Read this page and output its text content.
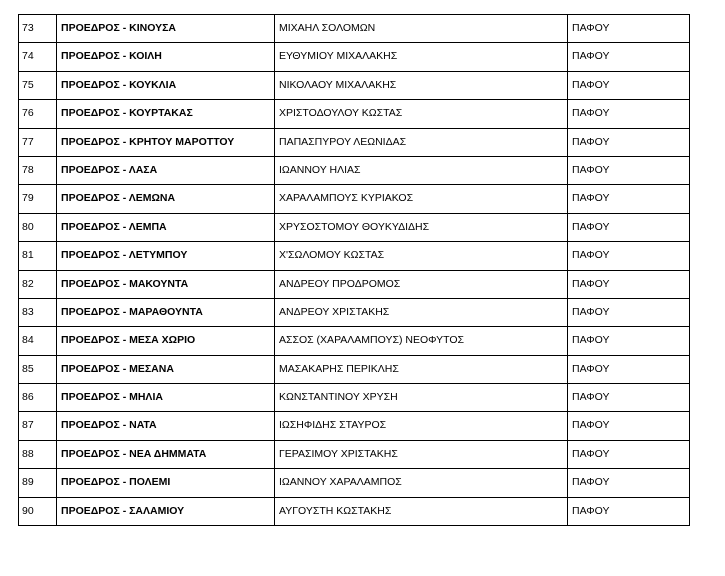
73	ΠΡΟΕΔΡΟΣ - ΚΙΝΟΥΣΑ	ΜΙΧΑΗΛ ΣΟΛΟΜΩΝ	ΠΑΦΟΥ
74	ΠΡΟΕΔΡΟΣ - ΚΟΙΛΗ	ΕΥΘΥΜΙΟΥ ΜΙΧΑΛΑΚΗΣ	ΠΑΦΟΥ
75	ΠΡΟΕΔΡΟΣ - ΚΟΥΚΛΙΑ	ΝΙΚΟΛΑΟΥ ΜΙΧΑΛΑΚΗΣ	ΠΑΦΟΥ
76	ΠΡΟΕΔΡΟΣ - ΚΟΥΡΤΑΚΑΣ	ΧΡΙΣΤΟΔΟΥΛΟΥ ΚΩΣΤΑΣ	ΠΑΦΟΥ
77	ΠΡΟΕΔΡΟΣ - ΚΡΗΤΟΥ ΜΑΡΟΤΤΟΥ	ΠΑΠΑΣΠΥΡΟΥ ΛΕΩΝΙΔΑΣ	ΠΑΦΟΥ
78	ΠΡΟΕΔΡΟΣ - ΛΑΣΑ	ΙΩΑΝΝΟΥ ΗΛΙΑΣ	ΠΑΦΟΥ
79	ΠΡΟΕΔΡΟΣ - ΛΕΜΩΝΑ	ΧΑΡΑΛΑΜΠΟΥΣ ΚΥΡΙΑΚΟΣ	ΠΑΦΟΥ
80	ΠΡΟΕΔΡΟΣ - ΛΕΜΠΑ	ΧΡΥΣΟΣΤΟΜΟΥ ΘΟΥΚΥΔΙΔΗΣ	ΠΑΦΟΥ
81	ΠΡΟΕΔΡΟΣ - ΛΕΤΥΜΠΟΥ	Χ'ΣΩΛΟΜΟΥ ΚΩΣΤΑΣ	ΠΑΦΟΥ
82	ΠΡΟΕΔΡΟΣ - ΜΑΚΟΥΝΤΑ	ΑΝΔΡΕΟΥ ΠΡΟΔΡΟΜΟΣ	ΠΑΦΟΥ
83	ΠΡΟΕΔΡΟΣ - ΜΑΡΑΘΟΥΝΤΑ	ΑΝΔΡΕΟΥ ΧΡΙΣΤΑΚΗΣ	ΠΑΦΟΥ
84	ΠΡΟΕΔΡΟΣ - ΜΕΣΑ ΧΩΡΙΟ	ΑΣΣΟΣ (ΧΑΡΑΛΑΜΠΟΥΣ) ΝΕΟΦΥΤΟΣ	ΠΑΦΟΥ
85	ΠΡΟΕΔΡΟΣ - ΜΕΣΑΝΑ	ΜΑΣΑΚΑΡΗΣ ΠΕΡΙΚΛΗΣ	ΠΑΦΟΥ
86	ΠΡΟΕΔΡΟΣ - ΜΗΛΙΑ	ΚΩΝΣΤΑΝΤΙΝΟΥ ΧΡΥΣΗ	ΠΑΦΟΥ
87	ΠΡΟΕΔΡΟΣ - ΝΑΤΑ	ΙΩΣΗΦΙΔΗΣ ΣΤΑΥΡΟΣ	ΠΑΦΟΥ
88	ΠΡΟΕΔΡΟΣ - ΝΕΑ ΔΗΜΜΑΤΑ	ΓΕΡΑΣΙΜΟΥ ΧΡΙΣΤΑΚΗΣ	ΠΑΦΟΥ
89	ΠΡΟΕΔΡΟΣ - ΠΟΛΕΜΙ	ΙΩΑΝΝΟΥ ΧΑΡΑΛΑΜΠΟΣ	ΠΑΦΟΥ
90	ΠΡΟΕΔΡΟΣ - ΣΑΛΑΜΙΟΥ	ΑΥΓΟΥΣΤΗ ΚΩΣΤΑΚΗΣ	ΠΑΦΟΥ
